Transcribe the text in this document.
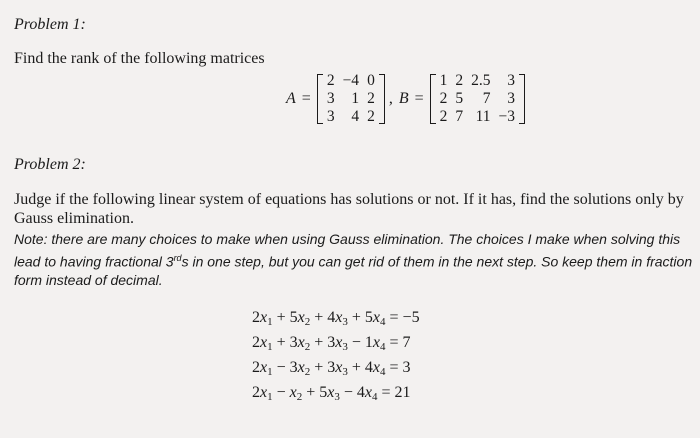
Problem 1:
Find the rank of the following matrices
A =
2	−4	0
3	1	2
3	4	2
, B =
1	2	2.5	3
2	5	7	3
2	7	11	−3
Problem 2:
Judge if the following linear system of equations has solutions or not. If it has, find the solutions only by Gauss elimination.
Note: there are many choices to make when using Gauss elimination. The choices I make when solving this lead to having fractional 3rds in one step, but you can get rid of them in the next step. So keep them in fraction form instead of decimal.
$2x_1 + 5x_2 + 4x_3 + 5x_4 = -5$
$2x_1 + 3x_2 + 3x_3 - 1x_4 = 7$
$2x_1 - 3x_2 + 3x_3 + 4x_4 = 3$
$2x_1 - x_2 + 5x_3 - 4x_4 = 21$
